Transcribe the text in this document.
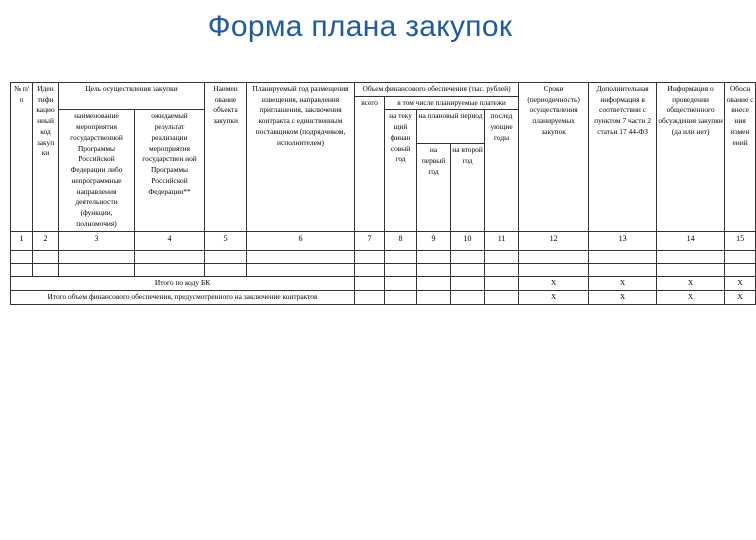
Форма плана закупок
№ п/ п	Иден тифи кацио нный код закуп ки	Цель осуществления закупки		Наимен ование объекта закупки	Планируемый год размещения извещения, направления приглашения, заключения контракта с единственным поставщиком (подрядчиком, исполнителем)	Объем финансового обеспечения (тыс. рублей)					Сроки (периодичность) осуществления планируемых закупок	Дополнительная информация в соответствии с пунктом 7 части 2 статьи 17 44-ФЗ	Информация о проведении общественного обсуждения закупки (да или нет)	Обосн ование с внесе ния измен ений
						всего	в том числе планируемые платежи							
		наименование мероприятия государственной Программы Российской Федерации либо непрограммные направления деятельности (функции, полномочия)	ожидаемый результат реализации мероприятия государствен ной Программы Российской Федерации**				на теку щий финан совый год	на плановый период		послед ующие годы				
								на первый год	на второй год					
1	2	3	4	5	6	7	8	9	10	11	12	13	14	15

Итого по коду БК											Х	Х	Х	Х
Итого объем финансового обеспечения, предусмотренного на заключение контрактов											Х	Х	Х	Х
